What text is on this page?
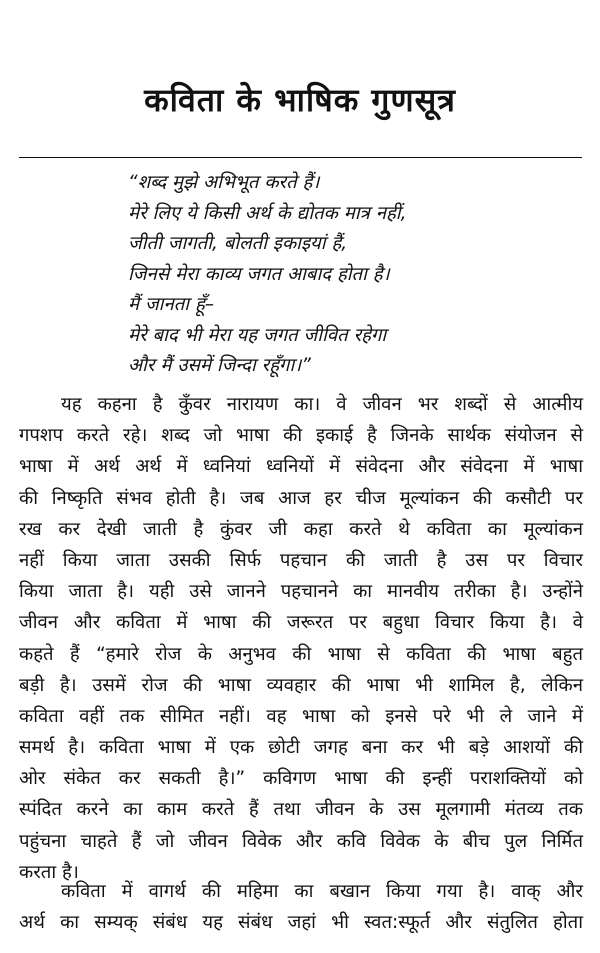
कविता के भाषिक गुणसूत्र
“शब्द मुझे अभिभूत करते हैं।
मेरे लिए ये किसी अर्थ के द्योतक मात्र नहीं,
जीती जागती, बोलती इकाइयां हैं,
जिनसे मेरा काव्य जगत आबाद होता है।
मैं जानता हूँ–
मेरे बाद भी मेरा यह जगत जीवित रहेगा
और मैं उसमें जिन्दा रहूँगा।”
यह कहना है कुँवर नारायण का। वे जीवन भर शब्दों से आत्मीय
गपशप करते रहे। शब्द जो भाषा की इकाई है जिनके सार्थक संयोजन से
भाषा में अर्थ अर्थ में ध्वनियां ध्वनियों में संवेदना और संवेदना में भाषा
की निष्कृति संभव होती है। जब आज हर चीज मूल्यांकन की कसौटी पर
रख कर देखी जाती है कुंवर जी कहा करते थे कविता का मूल्यांकन
नहीं किया जाता उसकी सिर्फ पहचान की जाती है उस पर विचार
किया जाता है। यही उसे जानने पहचानने का मानवीय तरीका है। उन्होंने
जीवन और कविता में भाषा की जरूरत पर बहुधा विचार किया है। वे
कहते हैं “हमारे रोज के अनुभव की भाषा से कविता की भाषा बहुत
बड़ी है। उसमें रोज की भाषा व्यवहार की भाषा भी शामिल है, लेकिन
कविता वहीं तक सीमित नहीं। वह भाषा को इनसे परे भी ले जाने में
समर्थ है। कविता भाषा में एक छोटी जगह बना कर भी बड़े आशयों की
ओर संकेत कर सकती है।” कविगण भाषा की इन्हीं पराशक्तियों को
स्पंदित करने का काम करते हैं तथा जीवन के उस मूलगामी मंतव्य तक
पहुंचना चाहते हैं जो जीवन विवेक और कवि विवेक के बीच पुल निर्मित
करता है।
कविता में वागर्थ की महिमा का बखान किया गया है। वाक् और
अर्थ का सम्यक् संबंध यह संबंध जहां भी स्वत:स्फूर्त और संतुलित होता
